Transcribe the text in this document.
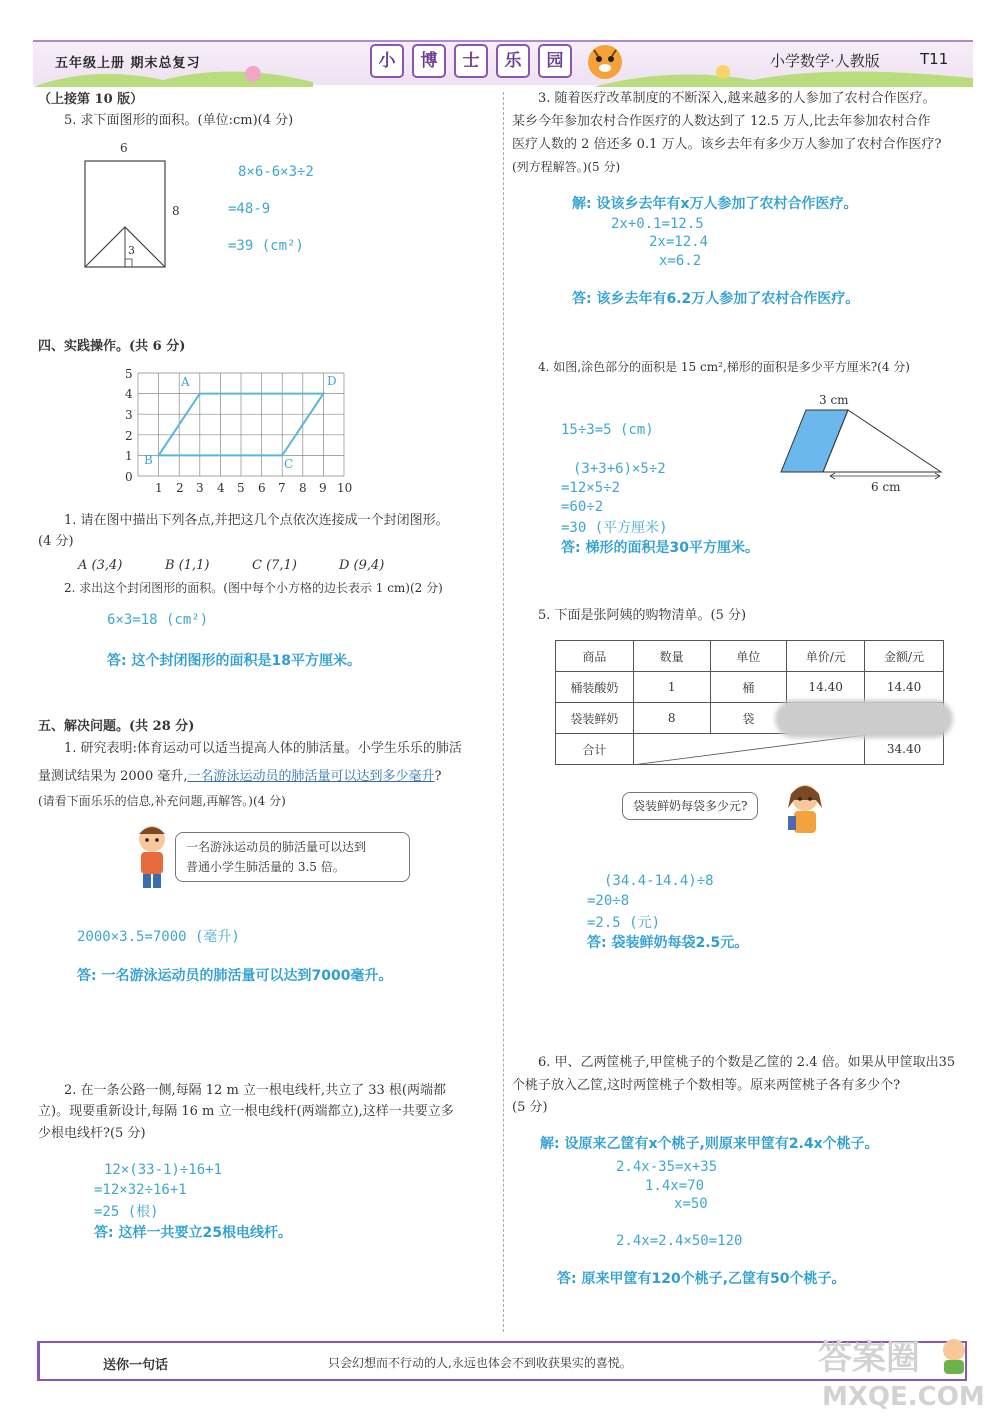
五年级上册 期末总复习	小	博	士	乐	园	小学数学·人教版	T11
（上接第 10 版）
5. 求下面图形的面积。(单位:cm)(4 分)
6
8
3
8×6-6×3÷2
=48-9
=39 (cm²)
四、实践操作。(共 6 分)
5
4
3
2
1
0
1 2 3 4 5 6 7 8 9 10
A
B	C
D
1. 请在图中描出下列各点,并把这几个点依次连接成一个封闭图形。
(4 分)
A (3,4)	B (1,1)	C (7,1)	D (9,4)
2. 求出这个封闭图形的面积。(图中每个小方格的边长表示 1 cm)(2 分)
6×3=18 (cm²)
答: 这个封闭图形的面积是18平方厘米。
五、解决问题。(共 28 分)
1. 研究表明:体育运动可以适当提高人体的肺活量。小学生乐乐的肺活
量测试结果为 2000 毫升,一名游泳运动员的肺活量可以达到多少毫升?
(请看下面乐乐的信息,补充问题,再解答。)(4 分)
一名游泳运动员的肺活量可以达到
普通小学生肺活量的 3.5 倍。
2000×3.5=7000 (毫升)
答: 一名游泳运动员的肺活量可以达到7000毫升。
2. 在一条公路一侧,每隔 12 m 立一根电线杆,共立了 33 根(两端都
立)。现要重新设计,每隔 16 m 立一根电线杆(两端都立),这样一共要立多
少根电线杆?(5 分)
12×(33-1)÷16+1
=12×32÷16+1
=25 (根)
答: 这样一共要立25根电线杆。
3. 随着医疗改革制度的不断深入,越来越多的人参加了农村合作医疗。
某乡今年参加农村合作医疗的人数达到了 12.5 万人,比去年参加农村合作
医疗人数的 2 倍还多 0.1 万人。该乡去年有多少万人参加了农村合作医疗?
(列方程解答。)(5 分)
解: 设该乡去年有x万人参加了农村合作医疗。
2x+0.1=12.5
2x=12.4
x=6.2
答: 该乡去年有6.2万人参加了农村合作医疗。
4. 如图,涂色部分的面积是 15 cm²,梯形的面积是多少平方厘米?(4 分)
3 cm
6 cm
15÷3=5 (cm)
(3+3+6)×5÷2
=12×5÷2
=60÷2
=30 (平方厘米)
答: 梯形的面积是30平方厘米。
5. 下面是张阿姨的购物清单。(5 分)
商品	数量	单位	单价/元	金额/元
桶装酸奶	1	桶	14.40	14.40
袋装鲜奶	8	袋		
合计				34.40
袋装鲜奶每袋多少元?
(34.4-14.4)÷8
=20÷8
=2.5 (元)
答: 袋装鲜奶每袋2.5元。
6. 甲、乙两筐桃子,甲筐桃子的个数是乙筐的 2.4 倍。如果从甲筐取出35
个桃子放入乙筐,这时两筐桃子个数相等。原来两筐桃子各有多少个?
(5 分)
解: 设原来乙筐有x个桃子,则原来甲筐有2.4x个桃子。
2.4x-35=x+35
1.4x=70
x=50
2.4x=2.4×50=120
答: 原来甲筐有120个桃子,乙筐有50个桃子。
送你一句话	只会幻想而不行动的人,永远也体会不到收获果实的喜悦。	答案圈
MXQE.COM
